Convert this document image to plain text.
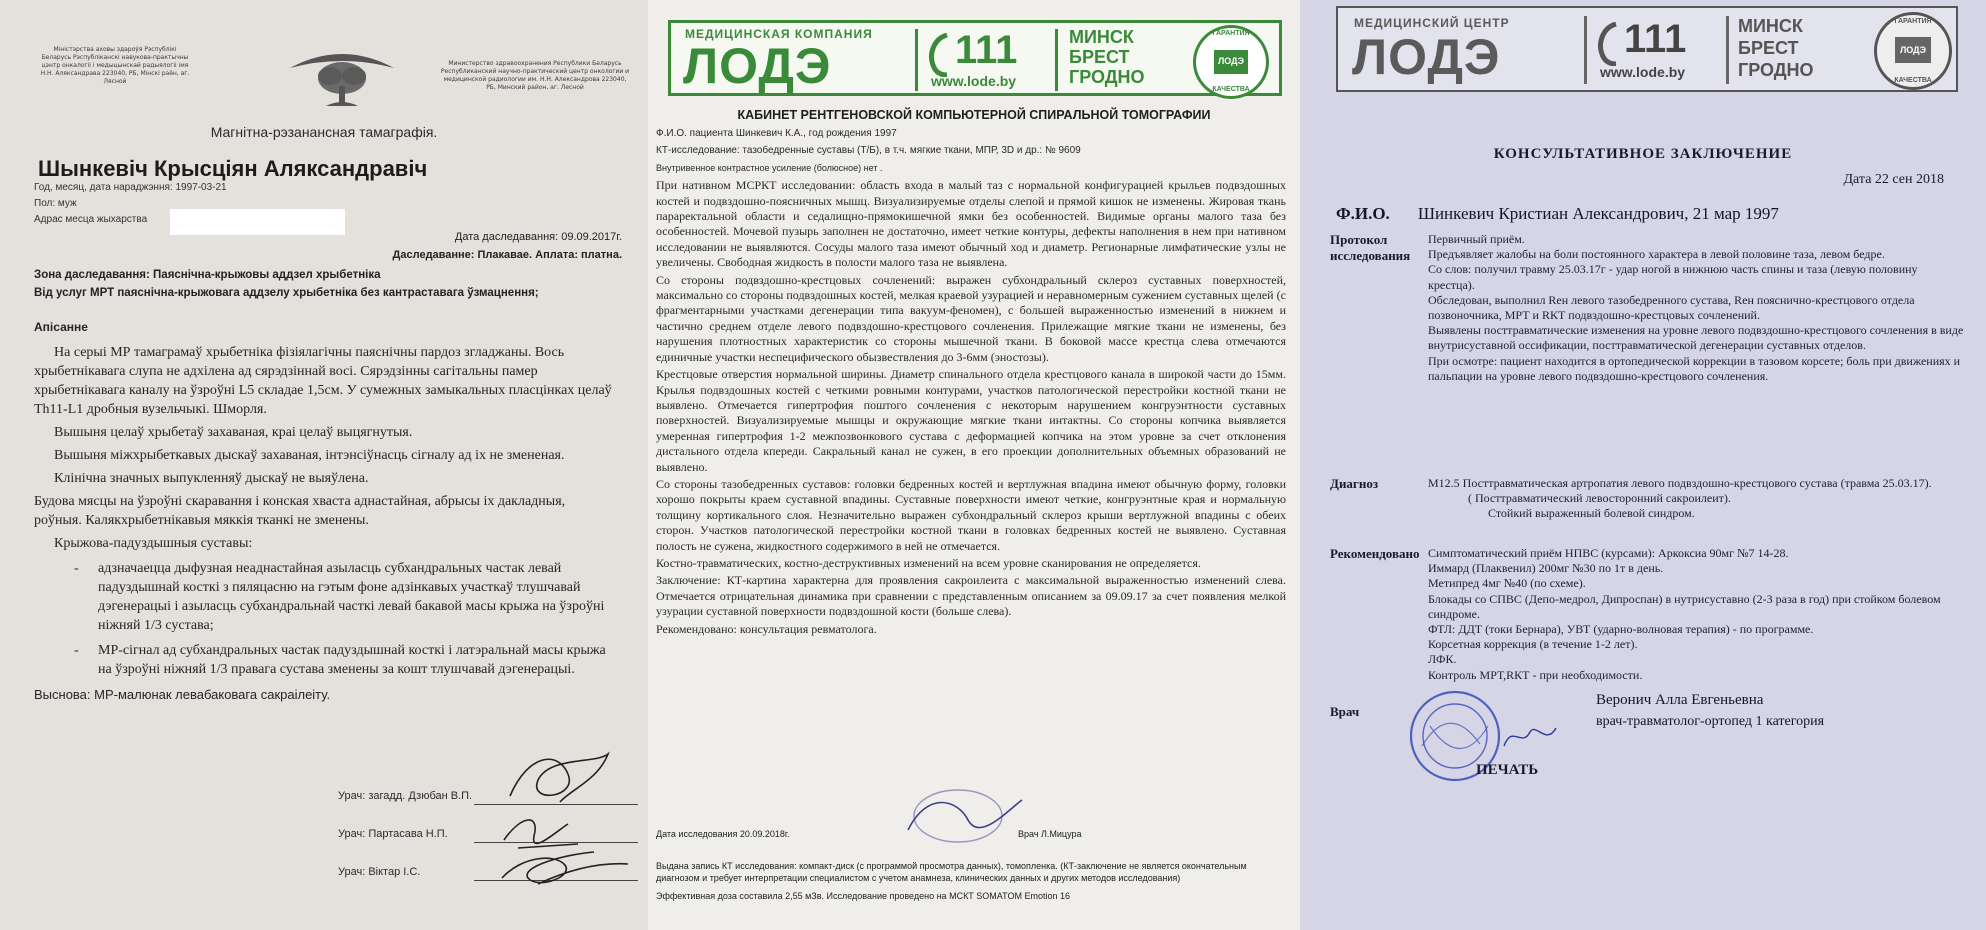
Міністэрства аховы здароўя Рэспублікі Беларусь Рэспубліканскі навукова-практычны цэнтр онкалогіі і медыцынскай радыялогіі імя Н.Н. Аляксандрава 223040, РБ, Мінскі раён, аг. Лясной
Министерство здравоохранения Республики Беларусь Республиканский научно-практический центр онкологии и медицинской радиологии им. Н.Н. Александрова 223040, РБ, Минский район, аг. Лесной
Магнітна-рэзанансная тамаграфія.
Шынкевіч Крысціян Аляксандравіч
Год, месяц, дата нараджэння: 1997-03-21
Пол: муж
Адрас месца жыхарства
Дата даследавання: 09.09.2017г.
Даследаванне: Плакавае. Аплата: платна.
Зона даследавання: Паяснічна-крыжовы аддзел хрыбетніка
Від услуг МРТ паяснічна-крыжовага аддзелу хрыбетніка без кантраставага ўзмацнення;
Апісанне

На серыі МР тамаграмаў хрыбетніка фізіялагічны паяснічны пардоз згладжаны. Вось хрыбетнікавага слупа не адхілена ад сярэдзіннай восі. Сярэдзінны сагітальны памер хрыбетнікавага каналу на ўзроўні L5 складае 1,5см. У сумежных замыкальных пласцінках целаў Th11-L1 дробныя вузельчыкі. Шморля.

Вышыня целаў хрыбетаў захаваная, краі целаў выцягнутыя.

Вышыня міжхрыбеткавых дыскаў захаваная, інтэнсіўнасць сігналу ад іх не змененая.

Клінічна значных выпукленняў дыскаў не выяўлена.

Будова мясцы на ўзроўні скаравання і конская хваста аднастайная, абрысы іх дакладныя, роўныя. Калякхрыбетнікавыя мяккія тканкі не зменены.

Крыжова-падуздышныя суставы:

- адзначаецца дыфузная неаднастайная азыласць субхандральных частак левай падуздышнай косткі з пяляцасню на гэтым фоне адзінкавых участкаў тлушчавай дэгенерацыі і азыласць субхандральнай часткі левай бакавой масы крыжа на ўзроўні ніжняй 1/3 сустава;
- МР-сігнал ад субхандральных частак падуздышнай косткі і латэральнай масы крыжа на ўзроўні ніжняй 1/3 правага сустава зменены за кошт тлушчавай дэгенерацыі.
Выснова: МР-малюнак левабаковага сакраілеіту.
Урач: загадд. Дзюбан В.П.
Урач: Партасава Н.П.
Урач: Віктар І.С.
МЕДИЦИНСКАЯ КОМПАНИЯ
ЛОДЭ	111
www.lode.by
МИНСК
БРЕСТ
ГРОДНО
ГАРАНТИЯ
ЛОДЭ
КАЧЕСТВА
КАБИНЕТ РЕНТГЕНОВСКОЙ КОМПЬЮТЕРНОЙ СПИРАЛЬНОЙ ТОМОГРАФИИ

Ф.И.О. пациента Шинкевич К.А., год рождения 1997

КТ-исследование: тазобедренные суставы (Т/Б), в т.ч. мягкие ткани, МПР, 3D и др.: № 9609

Внутривенное контрастное усиление (болюсное) нет .

При нативном МСРКТ исследовании: область входа в малый таз с нормальной конфигурацией крыльев подвздошных костей и подвздошно-поясничных мышц. Визуализируемые отделы слепой и прямой кишок не изменены. Жировая ткань параректальной области и седалищно-прямокишечной ямки без особенностей. Видимые органы малого таза без особенностей. Мочевой пузырь заполнен не достаточно, имеет четкие контуры, дефекты наполнения в нем при нативном исследовании не выявляются. Сосуды малого таза имеют обычный ход и диаметр. Регионарные лимфатические узлы не увеличены. Свободная жидкость в полости малого таза не выявлена.

Со стороны подвздошно-крестцовых сочленений: выражен субхондральный склероз суставных поверхностей, максимально со стороны подвздошных костей, мелкая краевой узурацией и неравномерным сужением суставных щелей (с фрагментарными участками дегенерации типа вакуум-феномен), с большей выраженностью изменений в нижнем и частично среднем отделе левого подвздошно-крестцового сочленения. Прилежащие мягкие ткани не изменены, без нарушения плотностных характеристик со стороны мышечной ткани. В боковой массе крестца слева отмечаются единичные участки неспецифического обызвествления до 3-6мм (эностозы).

Крестцовые отверстия нормальной ширины. Диаметр спинального отдела крестцового канала в широкой части до 15мм. Крылья подвздошных костей с четкими ровными контурами, участков патологической перестройки костной ткани не выявлено. Отмечается гипертрофия поштого сочленения с некоторым нарушением конгруэнтности суставных поверхностей. Визуализируемые мышцы и окружающие мягкие ткани интактны. Со стороны копчика выявляется умеренная гипертрофия 1-2 межпозвонкового сустава с деформацией копчика на этом уровне за счет отклонения дистального отдела кпереди. Сакральный канал не сужен, в его проекции дополнительных объемных образований не выявлено.

Со стороны тазобедренных суставов: головки бедренных костей и вертлужная впадина имеют обычную форму, головки хорошо покрыты краем суставной впадины. Суставные поверхности имеют четкие, конгруэнтные края и нормальную толщину кортикального слоя. Незначительно выражен субхондральный склероз крыши вертлужной впадины с обеих сторон. Участков патологической перестройки костной ткани в головках бедренных костей не выявлено. Суставная полость не сужена, жидкостного содержимого в ней не отмечается.

Костно-травматических, костно-деструктивных изменений на всем уровне сканирования не определяется.

Заключение: КТ-картина характерна для проявления сакроилеита с максимальной выраженностью изменений слева. Отмечается отрицательная динамика при сравнении с представленным описанием за 09.09.17 за счет появления мелкой узурации суставной поверхности подвздошной кости (больше слева).

Рекомендовано: консультация ревматолога.

Дата исследования 20.09.2018г.	Врач Л.Мицура
Выдана запись КТ исследования: компакт-диск (с программой просмотра данных), томопленка. (КТ-заключение не является окончательным диагнозом и требует интерпретации специалистом с учетом анамнеза, клинических данных и других методов исследования)
Эффективная доза составила 2,55 мЗв. Исследование проведено на МСКТ SOMATOM Emotion 16
МЕДИЦИНСКИЙ ЦЕНТР
ЛОДЭ	111
www.lode.by
МИНСК
БРЕСТ
ГРОДНО
ГАРАНТИЯ
ЛОДЭ
КАЧЕСТВА
КОНСУЛЬТАТИВНОЕ ЗАКЛЮЧЕНИЕ
Дата 22 сен 2018
Ф.И.О. Шинкевич Кристиан Александрович, 21 мар 1997
Протокол исследования

Первичный приём.

Предъявляет жалобы на боли постоянного характера в левой половине таза, левом бедре.

Со слов: получил травму 25.03.17г - удар ногой в нижнюю часть спины и таза (левую половину крестца).

Обследован, выполнил Rен левого тазобедренного сустава, Rен пояснично-крестцового отдела позвоночника, МРТ и RКТ подвздошно-крестцовых сочленений.

Выявлены посттравматические изменения на уровне левого подвздошно-крестцового сочленения в виде внутрисуставной оссификации, посттравматической дегенерации суставных отделов.

При осмотре: пациент находится в ортопедической коррекции в тазовом корсете; боль при движениях и пальпации на уровне левого подвздошно-крестцового сочленения.

Диагноз	М12.5 Посттравматическая артропатия левого подвздошно-крестцового сустава (травма 25.03.17).

( Посттравматический левосторонний сакроилеит).

Стойкий выраженный болевой синдром.

Рекомендовано Симптоматический приём НПВС (курсами): Аркоксиа 90мг №7 14-28.

Иммард (Плаквенил) 200мг №30 по 1т в день.

Метипред 4мг №40 (по схеме).

Блокады со СПВС (Депо-медрол, Дипроспан) в нутрисуставно (2-3 раза в год) при стойком болевом синдроме.

ФТЛ: ДДТ (токи Бернара), УВТ (ударно-волновая терапия) - по программе.

Корсетная коррекция (в течение 1-2 лет).

ЛФК.

Контроль МРТ,RКТ - при необходимости.

Врач
Веронич Алла Евгеньевна
врач-травматолог-ортопед 1 категория
ПЕЧАТЬ
